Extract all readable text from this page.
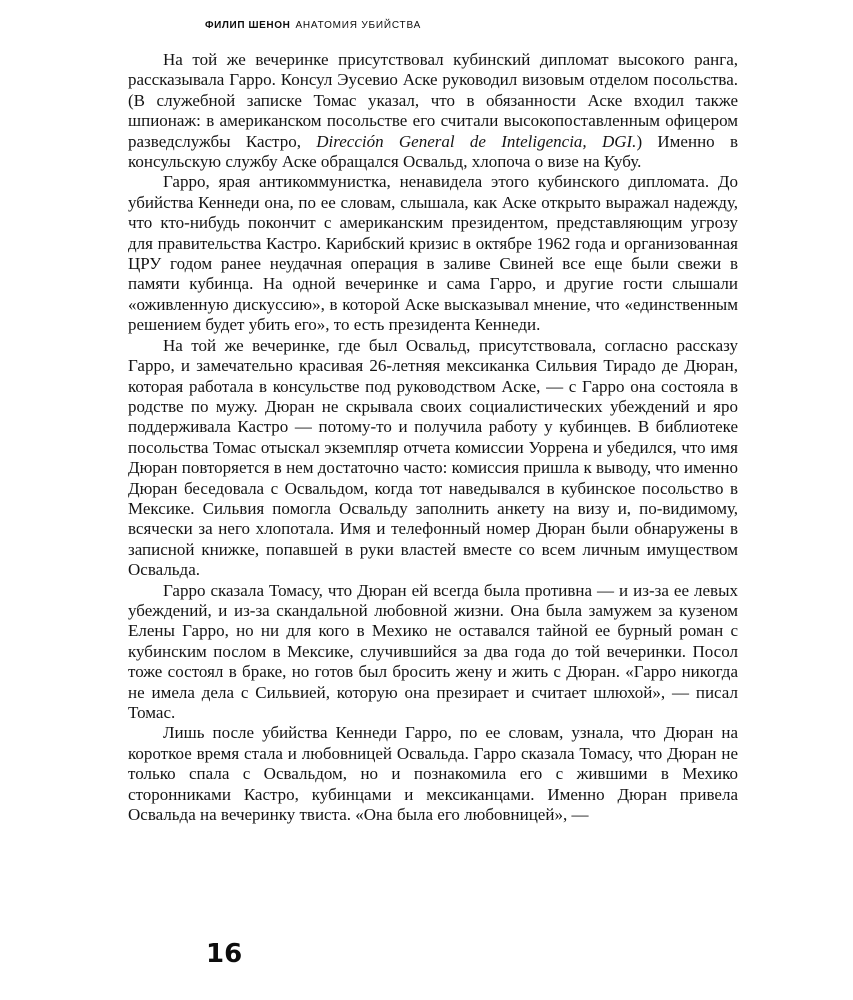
ФИЛИП ШЕНОН АНАТОМИЯ УБИЙСТВА

На той же вечеринке присутствовал кубинский дипломат высокого ранга, рассказывала Гарро. Консул Эусевио Аске руководил визовым отделом посольства. (В служебной записке Томас указал, что в обязанности Аске входил также шпионаж: в американском посольстве его считали высокопоставленным офицером разведслужбы Кастро, Dirección General de Inteligencia, DGI.) Именно в консульскую службу Аске обращался Освальд, хлопоча о визе на Кубу.

Гарро, ярая антикоммунистка, ненавидела этого кубинского дипломата. До убийства Кеннеди она, по ее словам, слышала, как Аске открыто выражал надежду, что кто-нибудь покончит с американским президентом, представляющим угрозу для правительства Кастро. Карибский кризис в октябре 1962 года и организованная ЦРУ годом ранее неудачная операция в заливе Свиней все еще были свежи в памяти кубинца. На одной вечеринке и сама Гарро, и другие гости слышали «оживленную дискуссию», в которой Аске высказывал мнение, что «единственным решением будет убить его», то есть президента Кеннеди.

На той же вечеринке, где был Освальд, присутствовала, согласно рассказу Гарро, и замечательно красивая 26-летняя мексиканка Сильвия Тирадо де Дюран, которая работала в консульстве под руководством Аске, — с Гарро она состояла в родстве по мужу. Дюран не скрывала своих социалистических убеждений и яро поддерживала Кастро — потому-то и получила работу у кубинцев. В библиотеке посольства Томас отыскал экземпляр отчета комиссии Уоррена и убедился, что имя Дюран повторяется в нем достаточно часто: комиссия пришла к выводу, что именно Дюран беседовала с Освальдом, когда тот наведывался в кубинское посольство в Мексике. Сильвия помогла Освальду заполнить анкету на визу и, по-видимому, всячески за него хлопотала. Имя и телефонный номер Дюран были обнаружены в записной книжке, попавшей в руки властей вместе со всем личным имуществом Освальда.

Гарро сказала Томасу, что Дюран ей всегда была противна — и из-за ее левых убеждений, и из-за скандальной любовной жизни. Она была замужем за кузеном Елены Гарро, но ни для кого в Мехико не оставался тайной ее бурный роман с кубинским послом в Мексике, случившийся за два года до той вечеринки. Посол тоже состоял в браке, но готов был бросить жену и жить с Дюран. «Гарро никогда не имела дела с Сильвией, которую она презирает и считает шлюхой», — писал Томас.

Лишь после убийства Кеннеди Гарро, по ее словам, узнала, что Дюран на короткое время стала и любовницей Освальда. Гарро сказала Томасу, что Дюран не только спала с Освальдом, но и познакомила его с жившими в Мехико сторонниками Кастро, кубинцами и мексиканцами. Именно Дюран привела Освальда на вечеринку твиста. «Она была его любовницей», —

16
